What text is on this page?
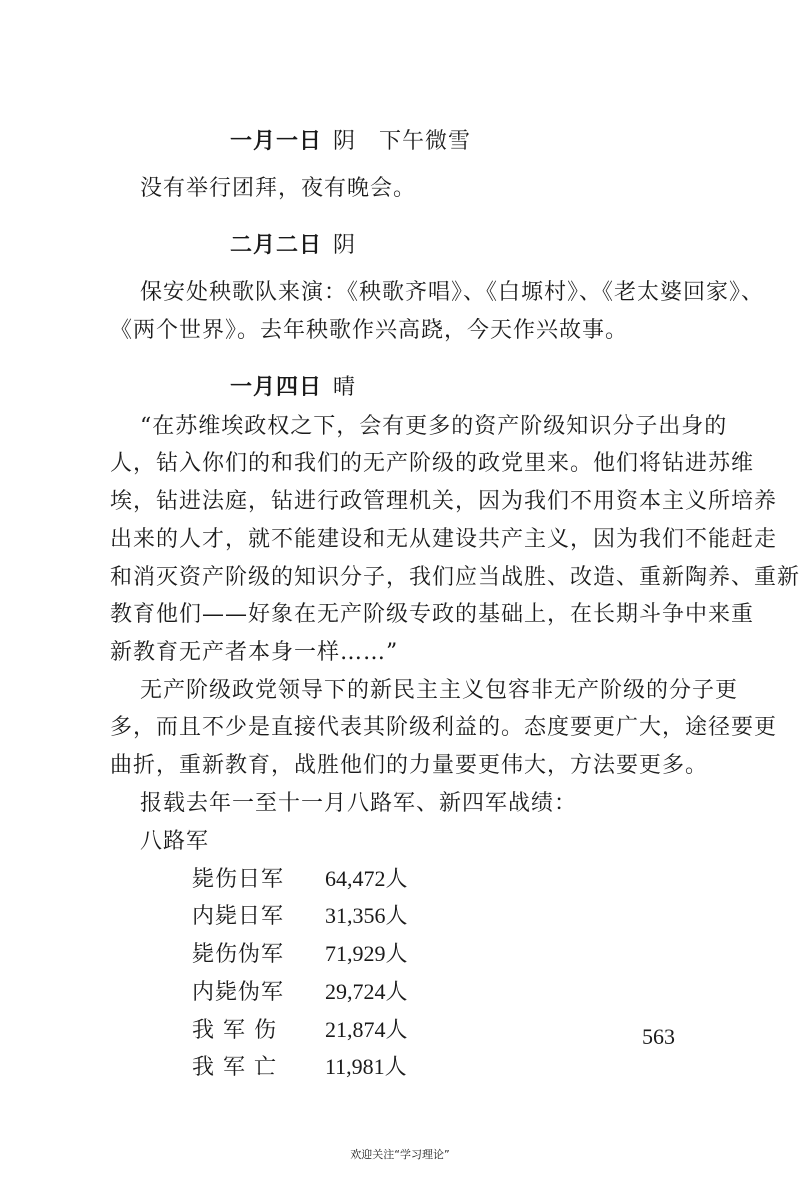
一月一日 阴　下午微雪
没有举行团拜，夜有晚会。
二月二日 阴
保安处秧歌队来演：《秧歌齐唱》、《白塬村》、《老太婆回家》、
《两个世界》。去年秧歌作兴高跷，今天作兴故事。
一月四日 晴
“在苏维埃政权之下，会有更多的资产阶级知识分子出身的
人，钻入你们的和我们的无产阶级的政党里来。他们将钻进苏维
埃，钻进法庭，钻进行政管理机关，因为我们不用资本主义所培养
出来的人才，就不能建设和无从建设共产主义，因为我们不能赶走
和消灭资产阶级的知识分子，我们应当战胜、改造、重新陶养、重新
教育他们——好象在无产阶级专政的基础上，在长期斗争中来重
新教育无产者本身一样……”
无产阶级政党领导下的新民主主义包容非无产阶级的分子更
多，而且不少是直接代表其阶级利益的。态度要更广大，途径要更
曲折，重新教育，战胜他们的力量要更伟大，方法要更多。
报载去年一至十一月八路军、新四军战绩：
八路军
毙伤日军 64,472人
内毙日军 31,356人
毙伤伪军 71,929人
内毙伪军 29,724人
我 军 伤 21,874人
我 军 亡 11,981人
563
欢迎关注“学习理论”
